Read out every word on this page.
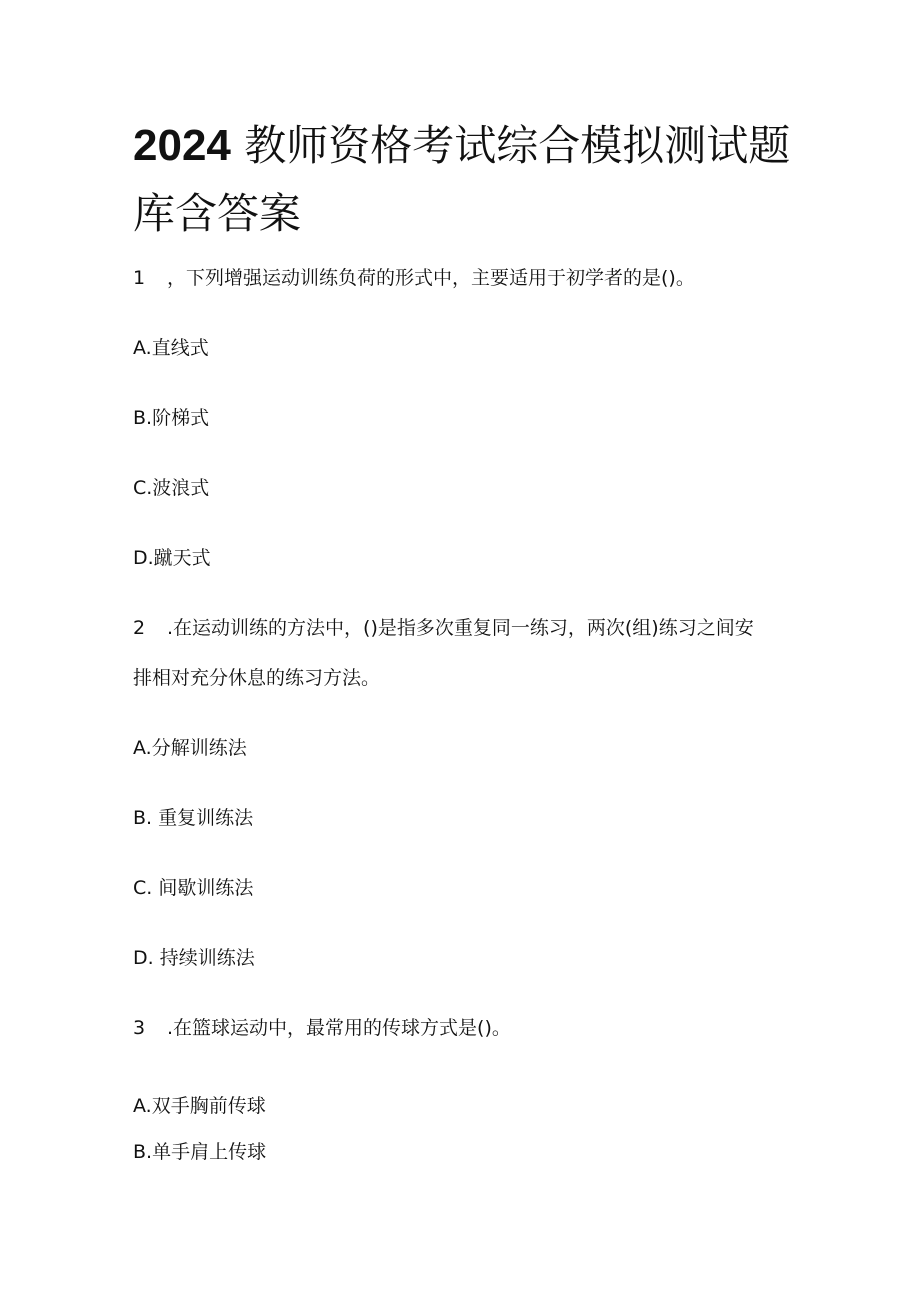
2024 教师资格考试综合模拟测试题
库含答案
1 ，下列增强运动训练负荷的形式中，主要适用于初学者的是()。
A.直线式
B.阶梯式
C.波浪式
D.蹴天式
2 .在运动训练的方法中，()是指多次重复同一练习，两次(组)练习之间安
排相对充分休息的练习方法。
A.分解训练法
B. 重复训练法
C. 间歇训练法
D. 持续训练法
3 .在篮球运动中，最常用的传球方式是()。
A.双手胸前传球
B.单手肩上传球
